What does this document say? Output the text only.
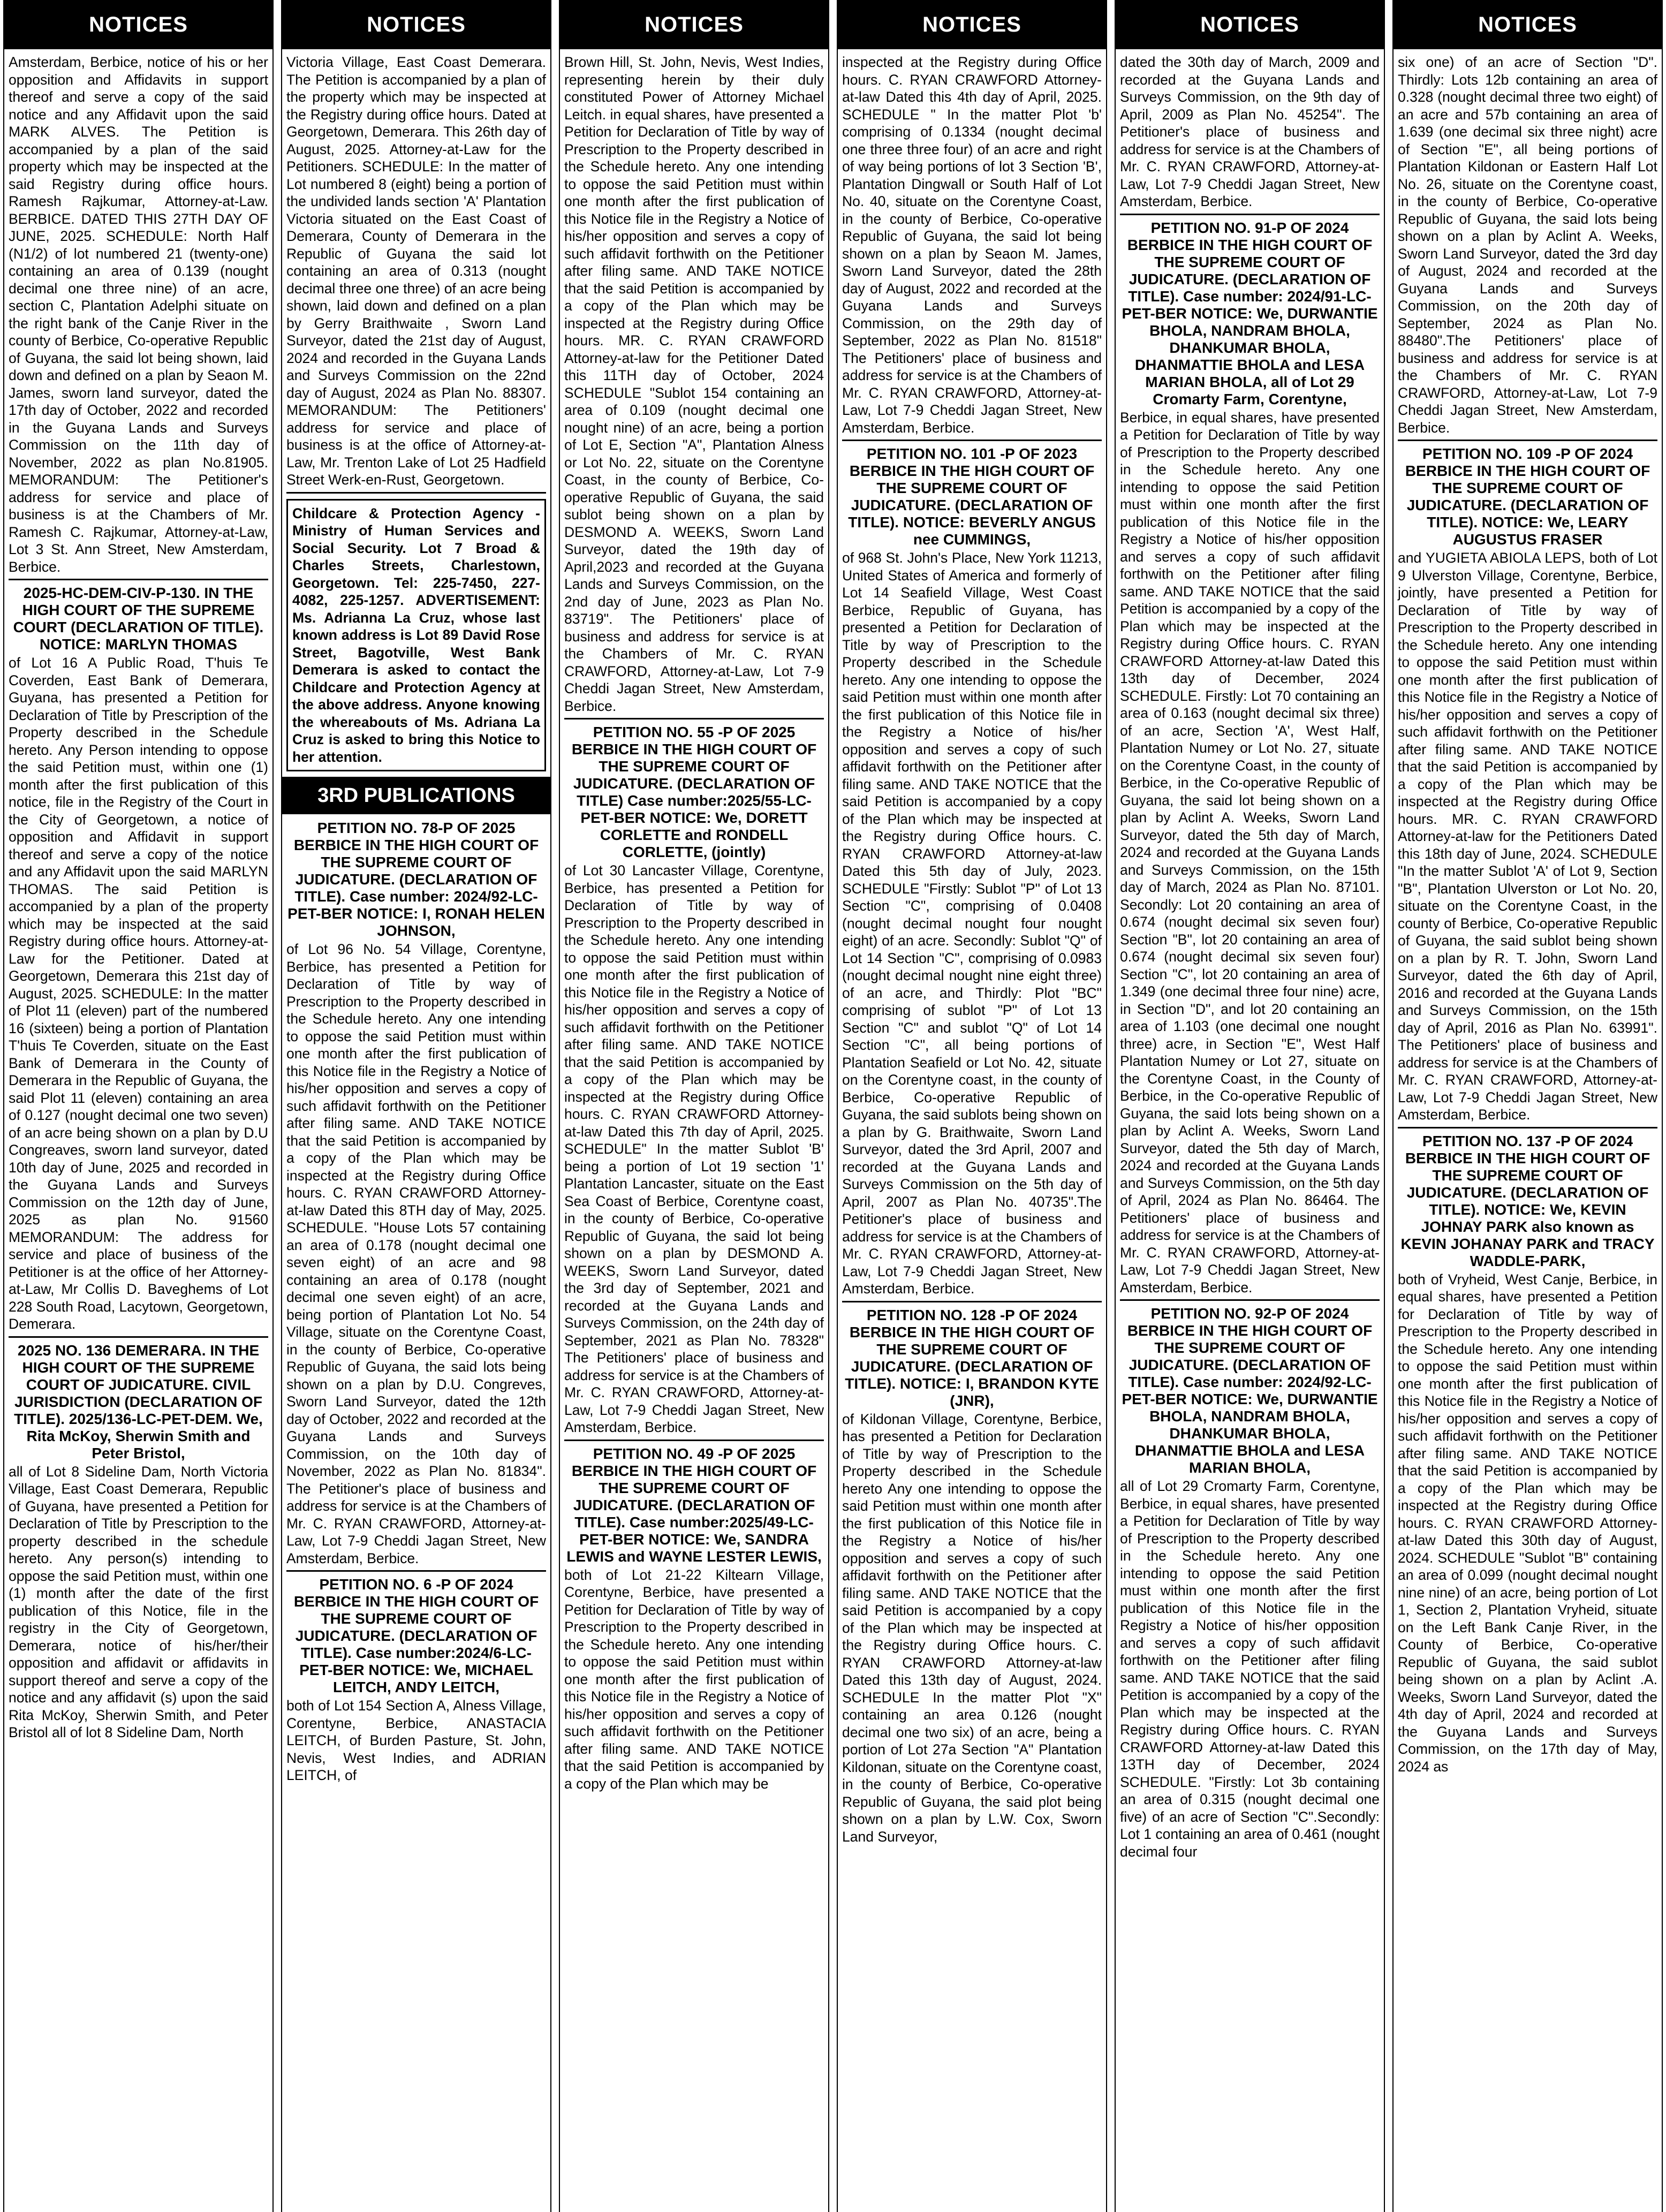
NOTICES
Amsterdam, Berbice, notice of his or her opposition and Affidavits in support thereof and serve a copy of the said notice and any Affidavit upon the said MARK ALVES. The Petition is accompanied by a plan of the said property which may be inspected at the said Registry during office hours. Ramesh Rajkumar, Attorney-at-Law. BERBICE. DATED THIS 27TH DAY OF JUNE, 2025. SCHEDULE: North Half (N1/2) of lot numbered 21 (twenty-one) containing an area of 0.139 (nought decimal one three nine) of an acre, section C, Plantation Adelphi situate on the right bank of the Canje River in the county of Berbice, Co-operative Republic of Guyana, the said lot being shown, laid down and defined on a plan by Seaon M. James, sworn land surveyor, dated the 17th day of October, 2022 and recorded in the Guyana Lands and Surveys Commission on the 11th day of November, 2022 as plan No.81905. MEMORANDUM: The Petitioner's address for service and place of business is at the Chambers of Mr. Ramesh C. Rajkumar, Attorney-at-Law, Lot 3 St. Ann Street, New Amsterdam, Berbice.
2025-HC-DEM-CIV-P-130. IN THE HIGH COURT OF THE SUPREME COURT (DECLARATION OF TITLE). NOTICE: MARLYN THOMAS
of Lot 16 A Public Road, T'huis Te Coverden, East Bank of Demerara, Guyana, has presented a Petition for Declaration of Title by Prescription of the Property described in the Schedule hereto. Any Person intending to oppose the said Petition must, within one (1) month after the first publication of this notice, file in the Registry of the Court in the City of Georgetown, a notice of opposition and Affidavit in support thereof and serve a copy of the notice and any Affidavit upon the said MARLYN THOMAS. The said Petition is accompanied by a plan of the property which may be inspected at the said Registry during office hours. Attorney-at-Law for the Petitioner. Dated at Georgetown, Demerara this 21st day of August, 2025. SCHEDULE: In the matter of Plot 11 (eleven) part of the numbered 16 (sixteen) being a portion of Plantation T'huis Te Coverden, situate on the East Bank of Demerara in the County of Demerara in the Republic of Guyana, the said Plot 11 (eleven) containing an area of 0.127 (nought decimal one two seven) of an acre being shown on a plan by D.U Congreaves, sworn land surveyor, dated 10th day of June, 2025 and recorded in the Guyana Lands and Surveys Commission on the 12th day of June, 2025 as plan No. 91560 MEMORANDUM: The address for service and place of business of the Petitioner is at the office of her Attorney-at-Law, Mr Collis D. Baveghems of Lot 228 South Road, Lacytown, Georgetown, Demerara.
2025 NO. 136 DEMERARA. IN THE HIGH COURT OF THE SUPREME COURT OF JUDICATURE. CIVIL JURISDICTION (DECLARATION OF TITLE). 2025/136-LC-PET-DEM. We, Rita McKoy, Sherwin Smith and Peter Bristol,
all of Lot 8 Sideline Dam, North Victoria Village, East Coast Demerara, Republic of Guyana, have presented a Petition for Declaration of Title by Prescription to the property described in the schedule hereto. Any person(s) intending to oppose the said Petition must, within one (1) month after the date of the first publication of this Notice, file in the registry in the City of Georgetown, Demerara, notice of his/her/their opposition and affidavit or affidavits in support thereof and serve a copy of the notice and any affidavit (s) upon the said Rita McKoy, Sherwin Smith, and Peter Bristol all of lot 8 Sideline Dam, North
NOTICES
Victoria Village, East Coast Demerara. The Petition is accompanied by a plan of the property which may be inspected at the Registry during office hours. Dated at Georgetown, Demerara. This 26th day of August, 2025. Attorney-at-Law for the Petitioners. SCHEDULE: In the matter of Lot numbered 8 (eight) being a portion of the undivided lands section 'A' Plantation Victoria situated on the East Coast of Demerara, County of Demerara in the Republic of Guyana the said lot containing an area of 0.313 (nought decimal three one three) of an acre being shown, laid down and defined on a plan by Gerry Braithwaite , Sworn Land Surveyor, dated the 21st day of August, 2024 and recorded in the Guyana Lands and Surveys Commission on the 22nd day of August, 2024 as Plan No. 88307. MEMORANDUM: The Petitioners' address for service and place of business is at the office of Attorney-at-Law, Mr. Trenton Lake of Lot 25 Hadfield Street Werk-en-Rust, Georgetown.
Childcare & Protection Agency - Ministry of Human Services and Social Security. Lot 7 Broad & Charles Streets, Charlestown, Georgetown. Tel: 225-7450, 227-4082, 225-1257. ADVERTISEMENT: Ms. Adrianna La Cruz, whose last known address is Lot 89 David Rose Street, Bagotville, West Bank Demerara is asked to contact the Childcare and Protection Agency at the above address. Anyone knowing the whereabouts of Ms. Adriana La Cruz is asked to bring this Notice to her attention.
3RD PUBLICATIONS
PETITION NO. 78-P OF 2025 BERBICE IN THE HIGH COURT OF THE SUPREME COURT OF JUDICATURE. (DECLARATION OF TITLE). Case number: 2024/92-LC-PET-BER NOTICE: I, RONAH HELEN JOHNSON,
of Lot 96 No. 54 Village, Corentyne, Berbice, has presented a Petition for Declaration of Title by way of Prescription to the Property described in the Schedule hereto. Any one intending to oppose the said Petition must within one month after the first publication of this Notice file in the Registry a Notice of his/her opposition and serves a copy of such affidavit forthwith on the Petitioner after filing same. AND TAKE NOTICE that the said Petition is accompanied by a copy of the Plan which may be inspected at the Registry during Office hours. C. RYAN CRAWFORD Attorney-at-law Dated this 8TH day of May, 2025. SCHEDULE. "House Lots 57 containing an area of 0.178 (nought decimal one seven eight) of an acre and 98 containing an area of 0.178 (nought decimal one seven eight) of an acre, being portion of Plantation Lot No. 54 Village, situate on the Corentyne Coast, in the county of Berbice, Co-operative Republic of Guyana, the said lots being shown on a plan by D.U. Congreves, Sworn Land Surveyor, dated the 12th day of October, 2022 and recorded at the Guyana Lands and Surveys Commission, on the 10th day of November, 2022 as Plan No. 81834". The Petitioner's place of business and address for service is at the Chambers of Mr. C. RYAN CRAWFORD, Attorney-at-Law, Lot 7-9 Cheddi Jagan Street, New Amsterdam, Berbice.
PETITION NO. 6 -P OF 2024 BERBICE IN THE HIGH COURT OF THE SUPREME COURT OF JUDICATURE. (DECLARATION OF TITLE). Case number:2024/6-LC-PET-BER NOTICE: We, MICHAEL LEITCH, ANDY LEITCH,
both of Lot 154 Section A, Alness Village, Corentyne, Berbice, ANASTACIA LEITCH, of Burden Pasture, St. John, Nevis, West Indies, and ADRIAN LEITCH, of
NOTICES
Brown Hill, St. John, Nevis, West Indies, representing herein by their duly constituted Power of Attorney Michael Leitch. in equal shares, have presented a Petition for Declaration of Title by way of Prescription to the Property described in the Schedule hereto. Any one intending to oppose the said Petition must within one month after the first publication of this Notice file in the Registry a Notice of his/her opposition and serves a copy of such affidavit forthwith on the Petitioner after filing same. AND TAKE NOTICE that the said Petition is accompanied by a copy of the Plan which may be inspected at the Registry during Office hours. MR. C. RYAN CRAWFORD Attorney-at-law for the Petitioner Dated this 11TH day of October, 2024 SCHEDULE "Sublot 154 containing an area of 0.109 (nought decimal one nought nine) of an acre, being a portion of Lot E, Section "A", Plantation Alness or Lot No. 22, situate on the Corentyne Coast, in the county of Berbice, Co-operative Republic of Guyana, the said sublot being shown on a plan by DESMOND A. WEEKS, Sworn Land Surveyor, dated the 19th day of April,2023 and recorded at the Guyana Lands and Surveys Commission, on the 2nd day of June, 2023 as Plan No. 83719". The Petitioners' place of business and address for service is at the Chambers of Mr. C. RYAN CRAWFORD, Attorney-at-Law, Lot 7-9 Cheddi Jagan Street, New Amsterdam, Berbice.
PETITION NO. 55 -P OF 2025 BERBICE IN THE HIGH COURT OF THE SUPREME COURT OF JUDICATURE. (DECLARATION OF TITLE) Case number:2025/55-LC-PET-BER NOTICE: We, DORETT CORLETTE and RONDELL CORLETTE, (jointly)
of Lot 30 Lancaster Village, Corentyne, Berbice, has presented a Petition for Declaration of Title by way of Prescription to the Property described in the Schedule hereto. Any one intending to oppose the said Petition must within one month after the first publication of this Notice file in the Registry a Notice of his/her opposition and serves a copy of such affidavit forthwith on the Petitioner after filing same. AND TAKE NOTICE that the said Petition is accompanied by a copy of the Plan which may be inspected at the Registry during Office hours. C. RYAN CRAWFORD Attorney-at-law Dated this 7th day of April, 2025. SCHEDULE" In the matter Sublot 'B' being a portion of Lot 19 section '1' Plantation Lancaster, situate on the East Sea Coast of Berbice, Corentyne coast, in the county of Berbice, Co-operative Republic of Guyana, the said lot being shown on a plan by DESMOND A. WEEKS, Sworn Land Surveyor, dated the 3rd day of September, 2021 and recorded at the Guyana Lands and Surveys Commission, on the 24th day of September, 2021 as Plan No. 78328" The Petitioners' place of business and address for service is at the Chambers of Mr. C. RYAN CRAWFORD, Attorney-at-Law, Lot 7-9 Cheddi Jagan Street, New Amsterdam, Berbice.
PETITION NO. 49 -P OF 2025 BERBICE IN THE HIGH COURT OF THE SUPREME COURT OF JUDICATURE. (DECLARATION OF TITLE). Case number:2025/49-LC-PET-BER NOTICE: We, SANDRA LEWIS and WAYNE LESTER LEWIS,
both of Lot 21-22 Kiltearn Village, Corentyne, Berbice, have presented a Petition for Declaration of Title by way of Prescription to the Property described in the Schedule hereto. Any one intending to oppose the said Petition must within one month after the first publication of this Notice file in the Registry a Notice of his/her opposition and serves a copy of such affidavit forthwith on the Petitioner after filing same. AND TAKE NOTICE that the said Petition is accompanied by a copy of the Plan which may be
NOTICES
inspected at the Registry during Office hours. C. RYAN CRAWFORD Attorney-at-law Dated this 4th day of April, 2025. SCHEDULE " In the matter Plot 'b' comprising of 0.1334 (nought decimal one three three four) of an acre and right of way being portions of lot 3 Section 'B', Plantation Dingwall or South Half of Lot No. 40, situate on the Corentyne Coast, in the county of Berbice, Co-operative Republic of Guyana, the said lot being shown on a plan by Seaon M. James, Sworn Land Surveyor, dated the 28th day of August, 2022 and recorded at the Guyana Lands and Surveys Commission, on the 29th day of September, 2022 as Plan No. 81518" The Petitioners' place of business and address for service is at the Chambers of Mr. C. RYAN CRAWFORD, Attorney-at-Law, Lot 7-9 Cheddi Jagan Street, New Amsterdam, Berbice.
PETITION NO. 101 -P OF 2023 BERBICE IN THE HIGH COURT OF THE SUPREME COURT OF JUDICATURE. (DECLARATION OF TITLE). NOTICE: BEVERLY ANGUS nee CUMMINGS,
of 968 St. John's Place, New York 11213, United States of America and formerly of Lot 14 Seafield Village, West Coast Berbice, Republic of Guyana, has presented a Petition for Declaration of Title by way of Prescription to the Property described in the Schedule hereto. Any one intending to oppose the said Petition must within one month after the first publication of this Notice file in the Registry a Notice of his/her opposition and serves a copy of such affidavit forthwith on the Petitioner after filing same. AND TAKE NOTICE that the said Petition is accompanied by a copy of the Plan which may be inspected at the Registry during Office hours. C. RYAN CRAWFORD Attorney-at-law Dated this 5th day of July, 2023. SCHEDULE "Firstly: Sublot "P" of Lot 13 Section "C", comprising of 0.0408 (nought decimal nought four nought eight) of an acre. Secondly: Sublot "Q" of Lot 14 Section "C", comprising of 0.0983 (nought decimal nought nine eight three) of an acre, and Thirdly: Plot "BC" comprising of sublot "P" of Lot 13 Section "C" and sublot "Q" of Lot 14 Section "C", all being portions of Plantation Seafield or Lot No. 42, situate on the Corentyne coast, in the county of Berbice, Co-operative Republic of Guyana, the said sublots being shown on a plan by G. Braithwaite, Sworn Land Surveyor, dated the 3rd April, 2007 and recorded at the Guyana Lands and Surveys Commission on the 5th day of April, 2007 as Plan No. 40735".The Petitioner's place of business and address for service is at the Chambers of Mr. C. RYAN CRAWFORD, Attorney-at-Law, Lot 7-9 Cheddi Jagan Street, New Amsterdam, Berbice.
PETITION NO. 128 -P OF 2024 BERBICE IN THE HIGH COURT OF THE SUPREME COURT OF JUDICATURE. (DECLARATION OF TITLE). NOTICE: I, BRANDON KYTE (JNR),
of Kildonan Village, Corentyne, Berbice, has presented a Petition for Declaration of Title by way of Prescription to the Property described in the Schedule hereto Any one intending to oppose the said Petition must within one month after the first publication of this Notice file in the Registry a Notice of his/her opposition and serves a copy of such affidavit forthwith on the Petitioner after filing same. AND TAKE NOTICE that the said Petition is accompanied by a copy of the Plan which may be inspected at the Registry during Office hours. C. RYAN CRAWFORD Attorney-at-law Dated this 13th day of August, 2024. SCHEDULE In the matter Plot "X" containing an area 0.126 (nought decimal one two six) of an acre, being a portion of Lot 27a Section "A" Plantation Kildonan, situate on the Corentyne coast, in the county of Berbice, Co-operative Republic of Guyana, the said plot being shown on a plan by L.W. Cox, Sworn Land Surveyor,
NOTICES
dated the 30th day of March, 2009 and recorded at the Guyana Lands and Surveys Commission, on the 9th day of April, 2009 as Plan No. 45254". The Petitioner's place of business and address for service is at the Chambers of Mr. C. RYAN CRAWFORD, Attorney-at-Law, Lot 7-9 Cheddi Jagan Street, New Amsterdam, Berbice.
PETITION NO. 91-P OF 2024 BERBICE IN THE HIGH COURT OF THE SUPREME COURT OF JUDICATURE. (DECLARATION OF TITLE). Case number: 2024/91-LC-PET-BER NOTICE: We, DURWANTIE BHOLA, NANDRAM BHOLA, DHANKUMAR BHOLA, DHANMATTIE BHOLA and LESA MARIAN BHOLA, all of Lot 29 Cromarty Farm, Corentyne,
Berbice, in equal shares, have presented a Petition for Declaration of Title by way of Prescription to the Property described in the Schedule hereto. Any one intending to oppose the said Petition must within one month after the first publication of this Notice file in the Registry a Notice of his/her opposition and serves a copy of such affidavit forthwith on the Petitioner after filing same. AND TAKE NOTICE that the said Petition is accompanied by a copy of the Plan which may be inspected at the Registry during Office hours. C. RYAN CRAWFORD Attorney-at-law Dated this 13th day of December, 2024 SCHEDULE. Firstly: Lot 70 containing an area of 0.163 (nought decimal six three) of an acre, Section 'A', West Half, Plantation Numey or Lot No. 27, situate on the Corentyne Coast, in the county of Berbice, in the Co-operative Republic of Guyana, the said lot being shown on a plan by Aclint A. Weeks, Sworn Land Surveyor, dated the 5th day of March, 2024 and recorded at the Guyana Lands and Surveys Commission, on the 15th day of March, 2024 as Plan No. 87101. Secondly: Lot 20 containing an area of 0.674 (nought decimal six seven four) Section "B", lot 20 containing an area of 0.674 (nought decimal six seven four) Section "C", lot 20 containing an area of 1.349 (one decimal three four nine) acre, in Section "D", and lot 20 containing an area of 1.103 (one decimal one nought three) acre, in Section "E", West Half Plantation Numey or Lot 27, situate on the Corentyne Coast, in the County of Berbice, in the Co-operative Republic of Guyana, the said lots being shown on a plan by Aclint A. Weeks, Sworn Land Surveyor, dated the 5th day of March, 2024 and recorded at the Guyana Lands and Surveys Commission, on the 5th day of April, 2024 as Plan No. 86464. The Petitioners' place of business and address for service is at the Chambers of Mr. C. RYAN CRAWFORD, Attorney-at-Law, Lot 7-9 Cheddi Jagan Street, New Amsterdam, Berbice.
PETITION NO. 92-P OF 2024 BERBICE IN THE HIGH COURT OF THE SUPREME COURT OF JUDICATURE. (DECLARATION OF TITLE). Case number: 2024/92-LC-PET-BER NOTICE: We, DURWANTIE BHOLA, NANDRAM BHOLA, DHANKUMAR BHOLA, DHANMATTIE BHOLA and LESA MARIAN BHOLA,
all of Lot 29 Cromarty Farm, Corentyne, Berbice, in equal shares, have presented a Petition for Declaration of Title by way of Prescription to the Property described in the Schedule hereto. Any one intending to oppose the said Petition must within one month after the first publication of this Notice file in the Registry a Notice of his/her opposition and serves a copy of such affidavit forthwith on the Petitioner after filing same. AND TAKE NOTICE that the said Petition is accompanied by a copy of the Plan which may be inspected at the Registry during Office hours. C. RYAN CRAWFORD Attorney-at-law Dated this 13TH day of December, 2024 SCHEDULE. "Firstly: Lot 3b containing an area of 0.315 (nought decimal one five) of an acre of Section "C".Secondly: Lot 1 containing an area of 0.461 (nought decimal four
NOTICES
six one) of an acre of Section "D". Thirdly: Lots 12b containing an area of 0.328 (nought decimal three two eight) of an acre and 57b containing an area of 1.639 (one decimal six three night) acre of Section "E", all being portions of Plantation Kildonan or Eastern Half Lot No. 26, situate on the Corentyne coast, in the county of Berbice, Co-operative Republic of Guyana, the said lots being shown on a plan by Aclint A. Weeks, Sworn Land Surveyor, dated the 3rd day of August, 2024 and recorded at the Guyana Lands and Surveys Commission, on the 20th day of September, 2024 as Plan No. 88480".The Petitioners' place of business and address for service is at the Chambers of Mr. C. RYAN CRAWFORD, Attorney-at-Law, Lot 7-9 Cheddi Jagan Street, New Amsterdam, Berbice.
PETITION NO. 109 -P OF 2024 BERBICE IN THE HIGH COURT OF THE SUPREME COURT OF JUDICATURE. (DECLARATION OF TITLE). NOTICE: We, LEARY AUGUSTUS FRASER
and YUGIETA ABIOLA LEPS, both of Lot 9 Ulverston Village, Corentyne, Berbice, jointly, have presented a Petition for Declaration of Title by way of Prescription to the Property described in the Schedule hereto. Any one intending to oppose the said Petition must within one month after the first publication of this Notice file in the Registry a Notice of his/her opposition and serves a copy of such affidavit forthwith on the Petitioner after filing same. AND TAKE NOTICE that the said Petition is accompanied by a copy of the Plan which may be inspected at the Registry during Office hours. MR. C. RYAN CRAWFORD Attorney-at-law for the Petitioners Dated this 18th day of June, 2024. SCHEDULE "In the matter Sublot 'A' of Lot 9, Section "B", Plantation Ulverston or Lot No. 20, situate on the Corentyne Coast, in the county of Berbice, Co-operative Republic of Guyana, the said sublot being shown on a plan by R. T. John, Sworn Land Surveyor, dated the 6th day of April, 2016 and recorded at the Guyana Lands and Surveys Commission, on the 15th day of April, 2016 as Plan No. 63991". The Petitioners' place of business and address for service is at the Chambers of Mr. C. RYAN CRAWFORD, Attorney-at-Law, Lot 7-9 Cheddi Jagan Street, New Amsterdam, Berbice.
PETITION NO. 137 -P OF 2024 BERBICE IN THE HIGH COURT OF THE SUPREME COURT OF JUDICATURE. (DECLARATION OF TITLE). NOTICE: We, KEVIN JOHNAY PARK also known as KEVIN JOHANAY PARK and TRACY WADDLE-PARK,
both of Vryheid, West Canje, Berbice, in equal shares, have presented a Petition for Declaration of Title by way of Prescription to the Property described in the Schedule hereto. Any one intending to oppose the said Petition must within one month after the first publication of this Notice file in the Registry a Notice of his/her opposition and serves a copy of such affidavit forthwith on the Petitioner after filing same. AND TAKE NOTICE that the said Petition is accompanied by a copy of the Plan which may be inspected at the Registry during Office hours. C. RYAN CRAWFORD Attorney-at-law Dated this 30th day of August, 2024. SCHEDULE "Sublot "B" containing an area of 0.099 (nought decimal nought nine nine) of an acre, being portion of Lot 1, Section 2, Plantation Vryheid, situate on the Left Bank Canje River, in the County of Berbice, Co-operative Republic of Guyana, the said sublot being shown on a plan by Aclint .A. Weeks, Sworn Land Surveyor, dated the 4th day of April, 2024 and recorded at the Guyana Lands and Surveys Commission, on the 17th day of May, 2024 as
